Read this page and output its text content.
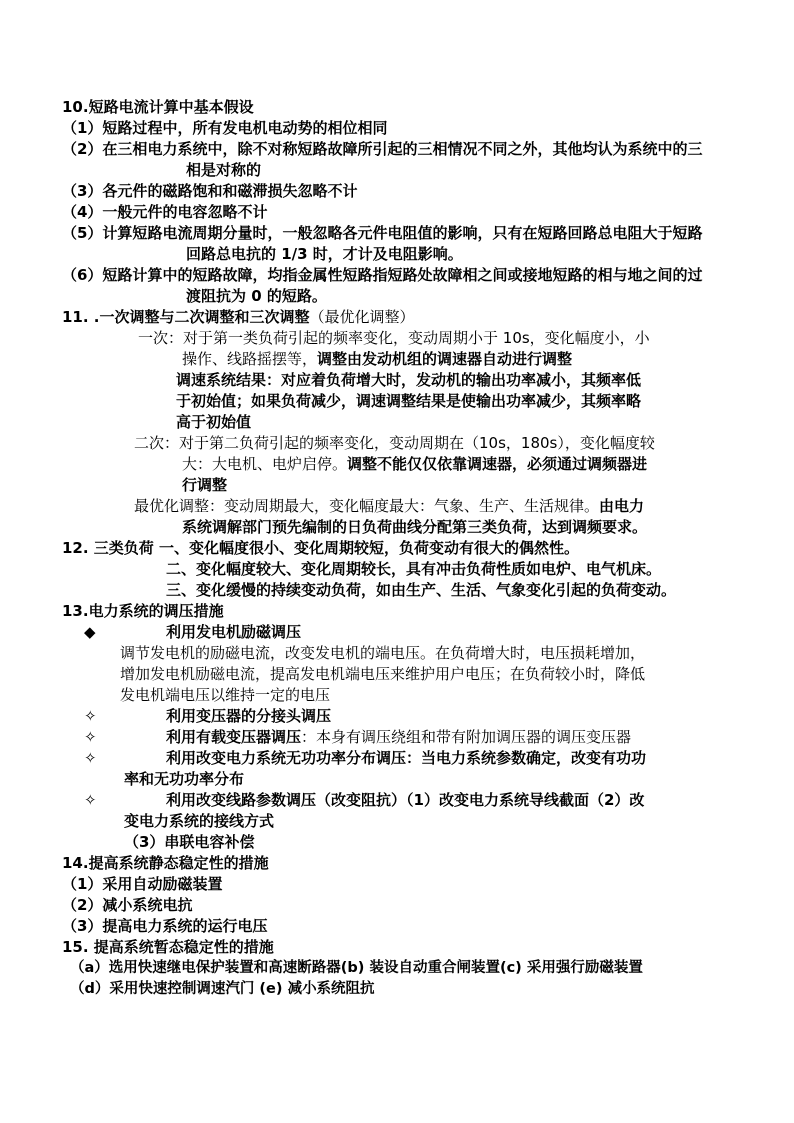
10.短路电流计算中基本假设
（1）短路过程中，所有发电机电动势的相位相同
（2）在三相电力系统中，除不对称短路故障所引起的三相情况不同之外，其他均认为系统中的三
相是对称的
（3）各元件的磁路饱和和磁滞损失忽略不计
（4）一般元件的电容忽略不计
（5）计算短路电流周期分量时，一般忽略各元件电阻值的影响，只有在短路回路总电阻大于短路
回路总电抗的 1/3 时，才计及电阻影响。
（6）短路计算中的短路故障，均指金属性短路指短路处故障相之间或接地短路的相与地之间的过
渡阻抗为 0 的短路。
11. .一次调整与二次调整和三次调整（最优化调整）
一次：对于第一类负荷引起的频率变化，变动周期小于 10s，变化幅度小，小
操作、线路摇摆等，调整由发动机组的调速器自动进行调整
调速系统结果：对应着负荷增大时，发动机的输出功率减小，其频率低
于初始值；如果负荷减少，调速调整结果是使输出功率减少，其频率略
高于初始值
二次：对于第二负荷引起的频率变化，变动周期在（10s，180s），变化幅度较
大：大电机、电炉启停。调整不能仅仅依靠调速器，必须通过调频器进
行调整
最优化调整：变动周期最大，变化幅度最大：气象、生产、生活规律。由电力
系统调解部门预先编制的日负荷曲线分配第三类负荷，达到调频要求。
12. 三类负荷 一、变化幅度很小、变化周期较短，负荷变动有很大的偶然性。
二、变化幅度较大、变化周期较长，具有冲击负荷性质如电炉、电气机床。
三、变化缓慢的持续变动负荷，如由生产、生活、气象变化引起的负荷变动。
13.电力系统的调压措施
◆	利用发电机励磁调压
调节发电机的励磁电流，改变发电机的端电压。在负荷增大时，电压损耗增加，
增加发电机励磁电流，提高发电机端电压来维护用户电压；在负荷较小时，降低
发电机端电压以维持一定的电压
✧	利用变压器的分接头调压
✧	利用有载变压器调压：本身有调压绕组和带有附加调压器的调压变压器
✧	利用改变电力系统无功功率分布调压：当电力系统参数确定，改变有功功
率和无功功率分布
✧	利用改变线路参数调压（改变阻抗）（1）改变电力系统导线截面（2）改
变电力系统的接线方式
（3）串联电容补偿
14.提高系统静态稳定性的措施
（1）采用自动励磁装置
（2）减小系统电抗
（3）提高电力系统的运行电压
15. 提高系统暂态稳定性的措施
（a）选用快速继电保护装置和高速断路器(b) 装设自动重合闸装置(c) 采用强行励磁装置
（d）采用快速控制调速汽门 (e) 减小系统阻抗
